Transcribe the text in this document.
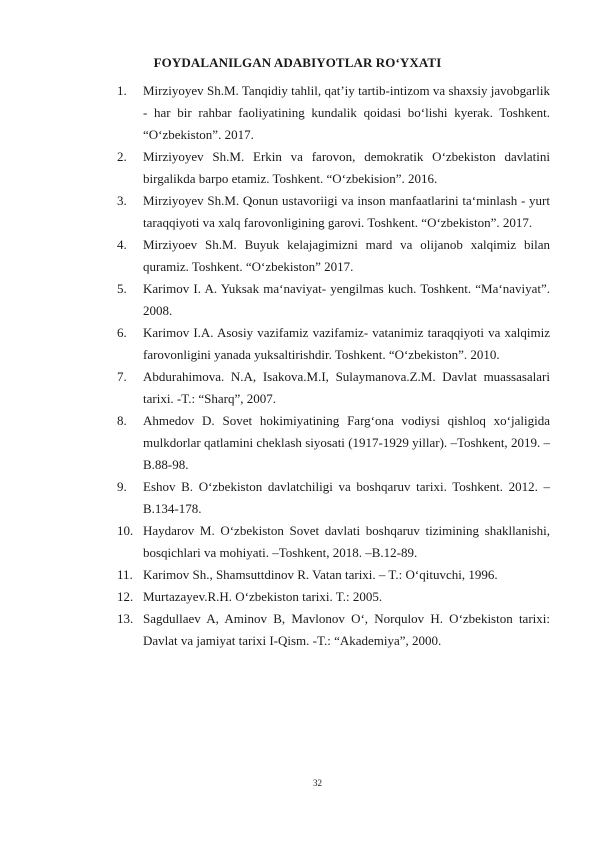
FOYDALANILGAN ADABIYOTLAR RO‘YXATI
1. Mirziyoyev Sh.M. Tanqidiy tahlil, qat’iy tartib-intizom va shaxsiy javobgarlik - har bir rahbar faoliyatining kundalik qoidasi bo‘lishi kyerak. Toshkent. “O‘zbekiston”. 2017.
2. Mirziyoyev Sh.M. Erkin va farovon, demokratik O‘zbekiston davlatini birgalikda barpo etamiz. Toshkent. “O‘zbekision”. 2016.
3. Mirziyoyev Sh.M. Qonun ustavoriigi va inson manfaatlarini ta‘minlash - yurt taraqqiyoti va xalq farovonligining garovi. Toshkent. “O‘zbekiston”. 2017.
4. Mirziyoev Sh.M. Buyuk kelajagimizni mard va olijanob xalqimiz bilan quramiz. Toshkent. “O‘zbekiston” 2017.
5. Karimov I. A. Yuksak ma‘naviyat- yengilmas kuch. Toshkent. “Ma‘naviyat”. 2008.
6. Karimov I.A. Asosiy vazifamiz vazifamiz- vatanimiz taraqqiyoti va xalqimiz farovonligini yanada yuksaltirishdir. Toshkent. “O‘zbekiston”. 2010.
7. Abdurahimova. N.A, Isakova.M.I, Sulaymanova.Z.M. Davlat muassasalari tarixi. -T.: “Sharq”, 2007.
8. Ahmedov D. Sovet hokimiyatining Farg‘ona vodiysi qishloq xo‘jaligida mulkdorlar qatlamini cheklash siyosati (1917-1929 yillar). –Toshkent, 2019. –B.88-98.
9. Eshov B. O‘zbekiston davlatchiligi va boshqaruv tarixi. Toshkent. 2012. –B.134-178.
10. Haydarov M. O‘zbekiston Sovet davlati boshqaruv tizimining shakllanishi, bosqichlari va mohiyati. –Toshkent, 2018. –B.12-89.
11. Karimov Sh., Shamsuttdinov R. Vatan tarixi. – T.: O‘qituvchi, 1996.
12. Murtazayev.R.H. O‘zbekiston tarixi. T.: 2005.
13. Sagdullaev A, Aminov B, Mavlonov O‘, Norqulov H. O‘zbekiston tarixi: Davlat va jamiyat tarixi I-Qism. -T.: “Akademiya”, 2000.
32
